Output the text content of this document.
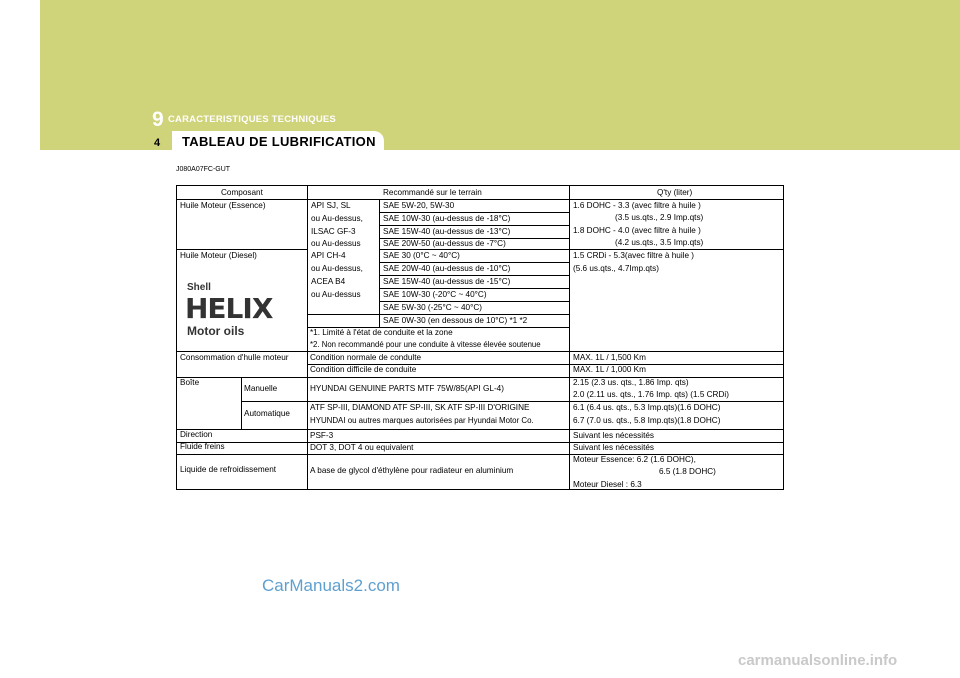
9 CARACTERISTIQUES TECHNIQUES
4 TABLEAU DE LUBRIFICATION
J080A07FC-GUT
Composant	Recommandé sur le terrain	Q'ty (liter)
Huile Moteur (Essence)
Huile Moteur (Diesel)
Consommation d'hulle moteur
Boîte
Manuelle
Automatique
Direction
Fluide freins
Liquide de refroidissement
Shell
HELIX
Motor oils
API SJ, SL
ou Au-dessus,
ILSAC GF-3
ou Au-dessus
API CH-4
ou Au-dessus,
ACEA B4
ou Au-dessus
SAE 5W-20, 5W-30
SAE 10W-30 (au-dessus de -18°C)
SAE 15W-40 (au-dessus de -13°C)
SAE 20W-50 (au-dessus de -7°C)
SAE 30 (0°C ~ 40°C)
SAE 20W-40 (au-dessus de -10°C)
SAE 15W-40 (au-dessus de -15°C)
SAE 10W-30 (-20°C ~ 40°C)
SAE 5W-30 (-25°C ~ 40°C)
SAE 0W-30 (en dessous de 10°C) *1 *2
*1. Limité à l'état de conduite et la zone
*2. Non recommandé pour une conduite à vitesse élevée soutenue
Condition normale de condulte
Condition difficile de conduite
HYUNDAI GENUINE PARTS MTF 75W/85(API GL-4)
ATF SP-III, DIAMOND ATF SP-III, SK ATF SP-III D'ORIGINE
HYUNDAI ou autres marques autorisées par Hyundai Motor Co.
PSF-3
DOT 3, DOT 4 ou equivalent
A base de glycol d'éthylène pour radiateur en aluminium
1.6 DOHC - 3.3 (avec filtre à huile )
(3.5 us.qts., 2.9 Imp.qts)
1.8 DOHC - 4.0 (avec filtre à huile )
(4.2 us.qts., 3.5 Imp.qts)
1.5 CRDi - 5.3(avec filtre à huile )
(5.6 us.qts., 4.7Imp.qts)
MAX. 1L / 1,500 Km
MAX. 1L / 1,000 Km
2.15 (2.3 us. qts., 1.86 Imp. qts)
2.0 (2.11 us. qts., 1.76 Imp. qts) (1.5 CRDi)
6.1 (6.4 us. qts., 5.3 Imp.qts)(1.6 DOHC)
6.7 (7.0 us. qts., 5.8 Imp.qts)(1.8 DOHC)
Suivant les nécessités
Suivant les nécessités
Moteur Essence: 6.2 (1.6 DOHC),
6.5 (1.8 DOHC)
Moteur Diesel : 6.3
CarManuals2.com
carmanualsonline.info
